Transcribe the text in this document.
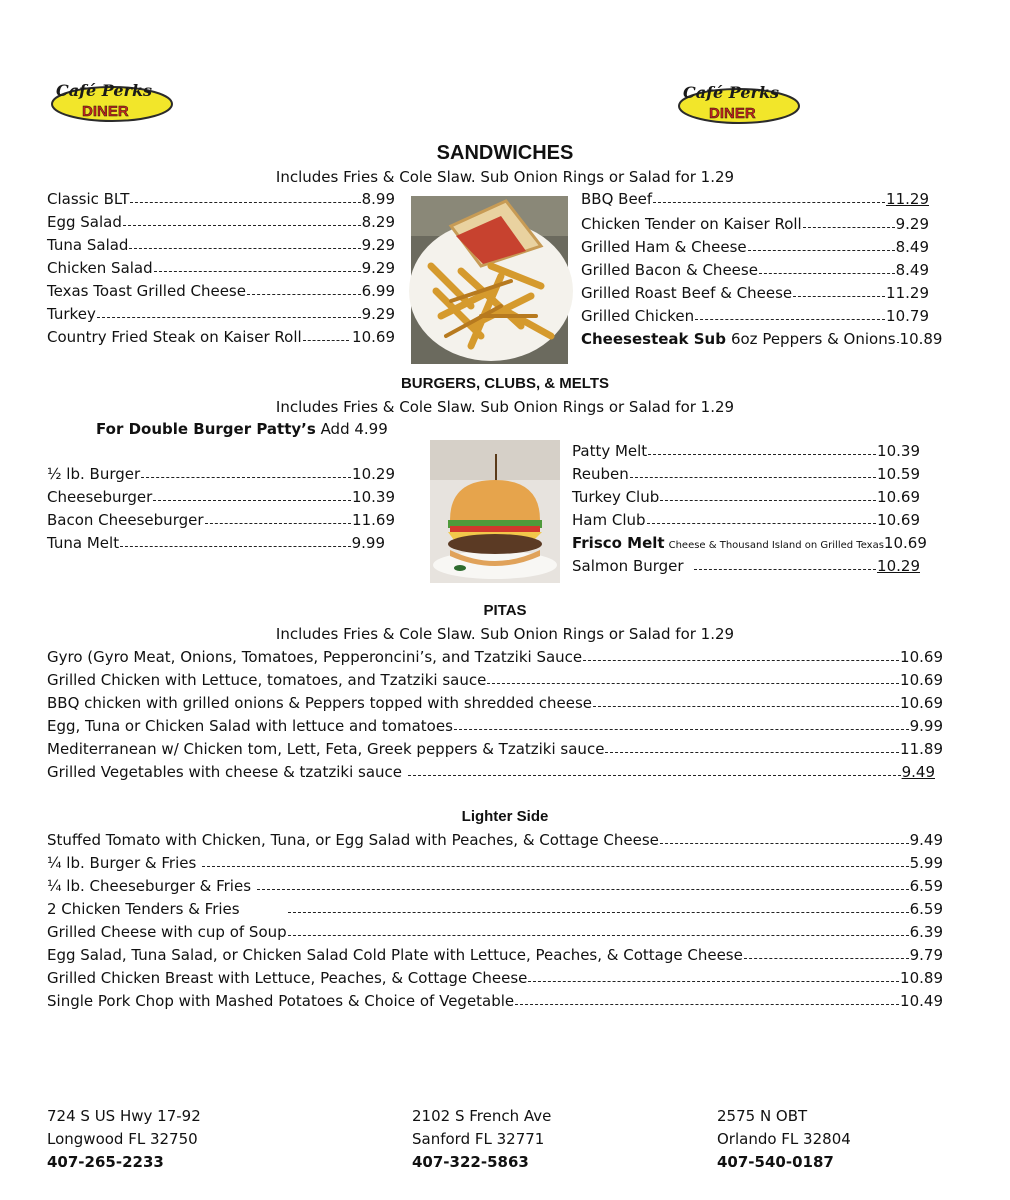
Café Perks
DINER
Café Perks
DINER
SANDWICHES
Includes Fries & Cole Slaw. Sub Onion Rings or Salad for 1.29
Classic BLT	8.99
Egg Salad	8.29
Tuna Salad	9.29
Chicken Salad	9.29
Texas Toast Grilled Cheese	6.99
Turkey	9.29
Country Fried Steak on Kaiser Roll	10.69
BBQ Beef	11.29
Chicken Tender on Kaiser Roll	9.29
Grilled Ham & Cheese	8.49
Grilled Bacon & Cheese	8.49
Grilled Roast Beef & Cheese	11.29
Grilled Chicken	10.79
Cheesesteak Sub 6oz Peppers & Onions 10.89
BURGERS, CLUBS, & MELTS
Includes Fries & Cole Slaw. Sub Onion Rings or Salad for 1.29
For Double Burger Patty’s Add 4.99
½ lb. Burger	10.29
Cheeseburger	10.39
Bacon Cheeseburger	11.69
Tuna Melt	9.99
Patty Melt	10.39
Reuben	10.59
Turkey Club	10.69
Ham Club	10.69
Frisco Melt Cheese & Thousand Island on Grilled Texas 10.69
Salmon Burger	10.29
PITAS
Includes Fries & Cole Slaw. Sub Onion Rings or Salad for 1.29
Gyro (Gyro Meat, Onions, Tomatoes, Pepperoncini’s, and Tzatziki Sauce	10.69
Grilled Chicken with Lettuce, tomatoes, and Tzatziki sauce	10.69
BBQ chicken with grilled onions & Peppers topped with shredded cheese	10.69
Egg, Tuna or Chicken Salad with lettuce and tomatoes	9.99
Mediterranean w/ Chicken tom, Lett, Feta, Greek peppers & Tzatziki sauce	11.89
Grilled Vegetables with cheese & tzatziki sauce	9.49
Lighter Side
Stuffed Tomato with Chicken, Tuna, or Egg Salad with Peaches, & Cottage Cheese	9.49
¼ lb. Burger & Fries	5.99
¼ lb. Cheeseburger & Fries	6.59
2 Chicken Tenders & Fries	6.59
Grilled Cheese with cup of Soup	6.39
Egg Salad, Tuna Salad, or Chicken Salad Cold Plate with Lettuce, Peaches, & Cottage Cheese	9.79
Grilled Chicken Breast with Lettuce, Peaches, & Cottage Cheese	10.89
Single Pork Chop with Mashed Potatoes & Choice of Vegetable	10.49
724 S US Hwy 17-92
Longwood FL 32750
407-265-2233
2102 S French Ave
Sanford FL 32771
407-322-5863
2575 N OBT
Orlando FL 32804
407-540-0187
